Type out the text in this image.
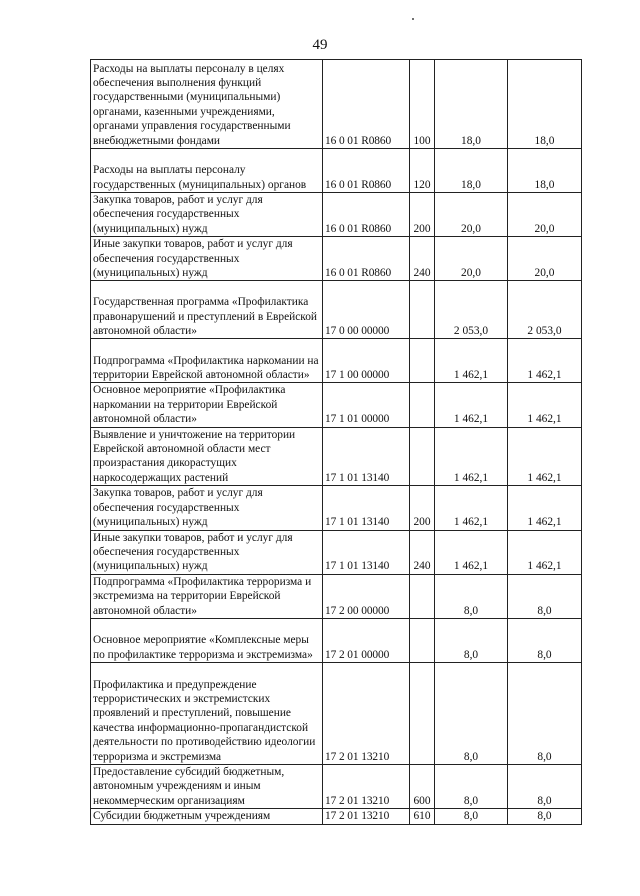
49
Расходы на выплаты персоналу в целях обеспечения выполнения функций государственными (муниципальными) органами, казенными учреждениями, органами управления государственными внебюджетными фондами	16 0 01 R0860	100	18,0	18,0
Расходы на выплаты персоналу государственных (муниципальных) органов	16 0 01 R0860	120	18,0	18,0
Закупка товаров, работ и услуг для обеспечения государственных (муниципальных) нужд	16 0 01 R0860	200	20,0	20,0
Иные закупки товаров, работ и услуг для обеспечения государственных (муниципальных) нужд	16 0 01 R0860	240	20,0	20,0
Государственная программа «Профилактика правонарушений и преступлений в Еврейской автономной области»	17 0 00 00000		2 053,0	2 053,0
Подпрограмма «Профилактика наркомании на территории Еврейской автономной области»	17 1 00 00000		1 462,1	1 462,1
Основное мероприятие «Профилактика наркомании на территории Еврейской автономной области»	17 1 01 00000		1 462,1	1 462,1
Выявление и уничтожение на территории Еврейской автономной области мест произрастания дикорастущих наркосодержащих растений	17 1 01 13140		1 462,1	1 462,1
Закупка товаров, работ и услуг для обеспечения государственных (муниципальных) нужд	17 1 01 13140	200	1 462,1	1 462,1
Иные закупки товаров, работ и услуг для обеспечения государственных (муниципальных) нужд	17 1 01 13140	240	1 462,1	1 462,1
Подпрограмма «Профилактика терроризма и экстремизма на территории Еврейской автономной области»	17 2 00 00000		8,0	8,0
Основное мероприятие «Комплексные меры по профилактике терроризма и экстремизма»	17 2 01 00000		8,0	8,0
Профилактика и предупреждение террористических и экстремистских проявлений и преступлений, повышение качества информационно-пропагандистской деятельности по противодействию идеологии терроризма и экстремизма	17 2 01 13210		8,0	8,0
Предоставление субсидий бюджетным, автономным учреждениям и иным некоммерческим организациям	17 2 01 13210	600	8,0	8,0
Субсидии бюджетным учреждениям	17 2 01 13210	610	8,0	8,0
